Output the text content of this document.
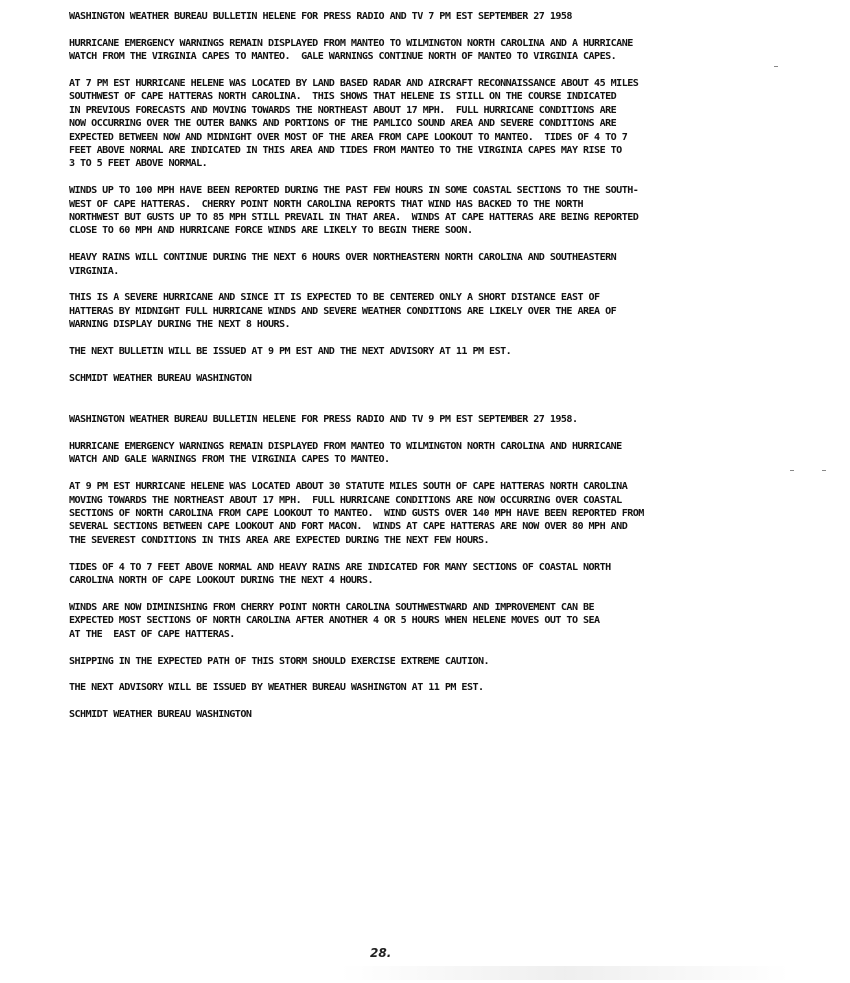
WASHINGTON WEATHER BUREAU BULLETIN HELENE FOR PRESS RADIO AND TV 7 PM EST SEPTEMBER 27 1958

HURRICANE EMERGENCY WARNINGS REMAIN DISPLAYED FROM MANTEO TO WILMINGTON NORTH CAROLINA AND A HURRICANE
WATCH FROM THE VIRGINIA CAPES TO MANTEO.  GALE WARNINGS CONTINUE NORTH OF MANTEO TO VIRGINIA CAPES.

AT 7 PM EST HURRICANE HELENE WAS LOCATED BY LAND BASED RADAR AND AIRCRAFT RECONNAISSANCE ABOUT 45 MILES
SOUTHWEST OF CAPE HATTERAS NORTH CAROLINA.  THIS SHOWS THAT HELENE IS STILL ON THE COURSE INDICATED
IN PREVIOUS FORECASTS AND MOVING TOWARDS THE NORTHEAST ABOUT 17 MPH.  FULL HURRICANE CONDITIONS ARE
NOW OCCURRING OVER THE OUTER BANKS AND PORTIONS OF THE PAMLICO SOUND AREA AND SEVERE CONDITIONS ARE
EXPECTED BETWEEN NOW AND MIDNIGHT OVER MOST OF THE AREA FROM CAPE LOOKOUT TO MANTEO.  TIDES OF 4 TO 7
FEET ABOVE NORMAL ARE INDICATED IN THIS AREA AND TIDES FROM MANTEO TO THE VIRGINIA CAPES MAY RISE TO
3 TO 5 FEET ABOVE NORMAL.

WINDS UP TO 100 MPH HAVE BEEN REPORTED DURING THE PAST FEW HOURS IN SOME COASTAL SECTIONS TO THE SOUTH-
WEST OF CAPE HATTERAS.  CHERRY POINT NORTH CAROLINA REPORTS THAT WIND HAS BACKED TO THE NORTH
NORTHWEST BUT GUSTS UP TO 85 MPH STILL PREVAIL IN THAT AREA.  WINDS AT CAPE HATTERAS ARE BEING REPORTED
CLOSE TO 60 MPH AND HURRICANE FORCE WINDS ARE LIKELY TO BEGIN THERE SOON.

HEAVY RAINS WILL CONTINUE DURING THE NEXT 6 HOURS OVER NORTHEASTERN NORTH CAROLINA AND SOUTHEASTERN
VIRGINIA.

THIS IS A SEVERE HURRICANE AND SINCE IT IS EXPECTED TO BE CENTERED ONLY A SHORT DISTANCE EAST OF
HATTERAS BY MIDNIGHT FULL HURRICANE WINDS AND SEVERE WEATHER CONDITIONS ARE LIKELY OVER THE AREA OF
WARNING DISPLAY DURING THE NEXT 8 HOURS.

THE NEXT BULLETIN WILL BE ISSUED AT 9 PM EST AND THE NEXT ADVISORY AT 11 PM EST.

SCHMIDT WEATHER BUREAU WASHINGTON

WASHINGTON WEATHER BUREAU BULLETIN HELENE FOR PRESS RADIO AND TV 9 PM EST SEPTEMBER 27 1958.

HURRICANE EMERGENCY WARNINGS REMAIN DISPLAYED FROM MANTEO TO WILMINGTON NORTH CAROLINA AND HURRICANE
WATCH AND GALE WARNINGS FROM THE VIRGINIA CAPES TO MANTEO.

AT 9 PM EST HURRICANE HELENE WAS LOCATED ABOUT 30 STATUTE MILES SOUTH OF CAPE HATTERAS NORTH CAROLINA
MOVING TOWARDS THE NORTHEAST ABOUT 17 MPH.  FULL HURRICANE CONDITIONS ARE NOW OCCURRING OVER COASTAL
SECTIONS OF NORTH CAROLINA FROM CAPE LOOKOUT TO MANTEO.  WIND GUSTS OVER 140 MPH HAVE BEEN REPORTED FROM
SEVERAL SECTIONS BETWEEN CAPE LOOKOUT AND FORT MACON.  WINDS AT CAPE HATTERAS ARE NOW OVER 80 MPH AND
THE SEVEREST CONDITIONS IN THIS AREA ARE EXPECTED DURING THE NEXT FEW HOURS.

TIDES OF 4 TO 7 FEET ABOVE NORMAL AND HEAVY RAINS ARE INDICATED FOR MANY SECTIONS OF COASTAL NORTH
CAROLINA NORTH OF CAPE LOOKOUT DURING THE NEXT 4 HOURS.

WINDS ARE NOW DIMINISHING FROM CHERRY POINT NORTH CAROLINA SOUTHWESTWARD AND IMPROVEMENT CAN BE
EXPECTED MOST SECTIONS OF NORTH CAROLINA AFTER ANOTHER 4 OR 5 HOURS WHEN HELENE MOVES OUT TO SEA
AT THE  EAST OF CAPE HATTERAS.

SHIPPING IN THE EXPECTED PATH OF THIS STORM SHOULD EXERCISE EXTREME CAUTION.

THE NEXT ADVISORY WILL BE ISSUED BY WEATHER BUREAU WASHINGTON AT 11 PM EST.

SCHMIDT WEATHER BUREAU WASHINGTON

28.
